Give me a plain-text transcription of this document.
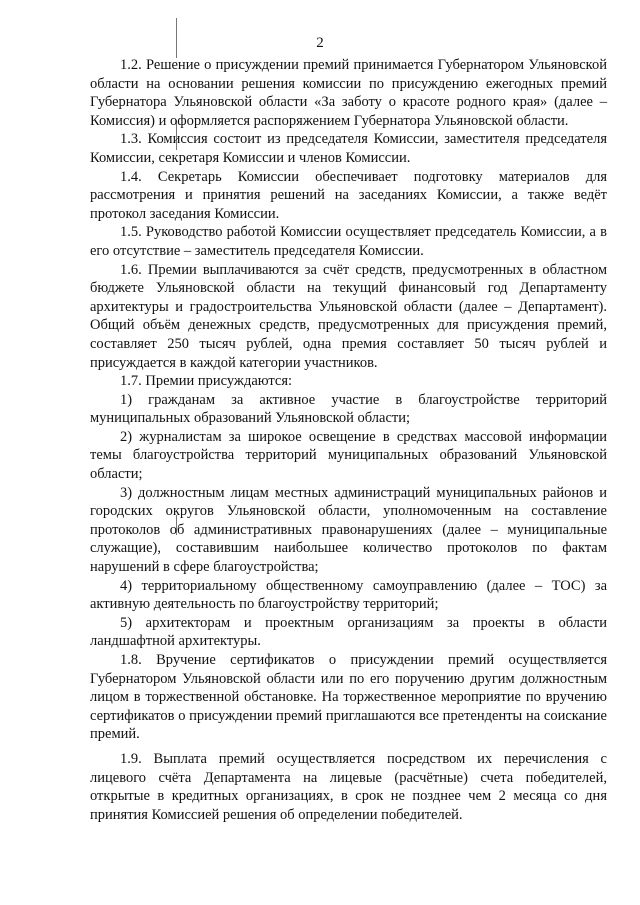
2

1.2. Решение о присуждении премий принимается Губернатором Ульяновской области на основании решения комиссии по присуждению ежегодных премий Губернатора Ульяновской области «За заботу о красоте родного края» (далее – Комиссия) и оформляется распоряжением Губернатора Ульяновской области.

1.3. Комиссия состоит из председателя Комиссии, заместителя председателя Комиссии, секретаря Комиссии и членов Комиссии.

1.4. Секретарь Комиссии обеспечивает подготовку материалов для рассмотрения и принятия решений на заседаниях Комиссии, а также ведёт протокол заседания Комиссии.

1.5. Руководство работой Комиссии осуществляет председатель Комиссии, а в его отсутствие – заместитель председателя Комиссии.

1.6. Премии выплачиваются за счёт средств, предусмотренных в областном бюджете Ульяновской области на текущий финансовый год Департаменту архитектуры и градостроительства Ульяновской области (далее – Департамент). Общий объём денежных средств, предусмотренных для присуждения премий, составляет 250 тысяч рублей, одна премия составляет 50 тысяч рублей и присуждается в каждой категории участников.

1.7. Премии присуждаются:

1) гражданам за активное участие в благоустройстве территорий муниципальных образований Ульяновской области;

2) журналистам за широкое освещение в средствах массовой информации темы благоустройства территорий муниципальных образований Ульяновской области;

3) должностным лицам местных администраций муниципальных районов и городских округов Ульяновской области, уполномоченным на составление протоколов об административных правонарушениях (далее – муниципальные служащие), составившим наибольшее количество протоколов по фактам нарушений в сфере благоустройства;

4) территориальному общественному самоуправлению (далее – ТОС) за активную деятельность по благоустройству территорий;

5) архитекторам и проектным организациям за проекты в области ландшафтной архитектуры.

1.8. Вручение сертификатов о присуждении премий осуществляется Губернатором Ульяновской области или по его поручению другим должностным лицом в торжественной обстановке. На торжественное мероприятие по вручению сертификатов о присуждении премий приглашаются все претенденты на соискание премий.

1.9. Выплата премий осуществляется посредством их перечисления с лицевого счёта Департамента на лицевые (расчётные) счета победителей, открытые в кредитных организациях, в срок не позднее чем 2 месяца со дня принятия Комиссией решения об определении победителей.
